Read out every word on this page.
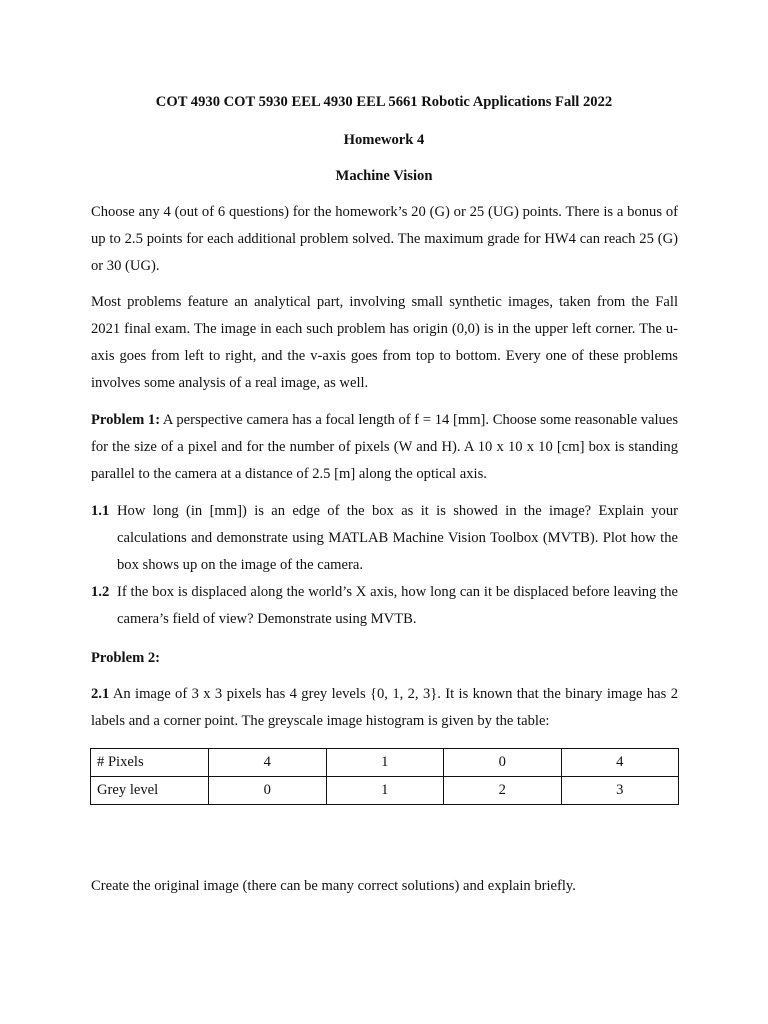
COT 4930 COT 5930 EEL 4930 EEL 5661 Robotic Applications Fall 2022
Homework 4
Machine Vision
Choose any 4 (out of 6 questions) for the homework’s 20 (G) or 25 (UG) points. There is a bonus of up to 2.5 points for each additional problem solved. The maximum grade for HW4 can reach 25 (G) or 30 (UG).
Most problems feature an analytical part, involving small synthetic images, taken from the Fall 2021 final exam. The image in each such problem has origin (0,0) is in the upper left corner. The u-axis goes from left to right, and the v-axis goes from top to bottom. Every one of these problems involves some analysis of a real image, as well.
Problem 1: A perspective camera has a focal length of f = 14 [mm]. Choose some reasonable values for the size of a pixel and for the number of pixels (W and H). A 10 x 10 x 10 [cm] box is standing parallel to the camera at a distance of 2.5 [m] along the optical axis.
1.1 How long (in [mm]) is an edge of the box as it is showed in the image? Explain your calculations and demonstrate using MATLAB Machine Vision Toolbox (MVTB). Plot how the box shows up on the image of the camera.
1.2 If the box is displaced along the world’s X axis, how long can it be displaced before leaving the camera’s field of view? Demonstrate using MVTB.
Problem 2:
2.1 An image of 3 x 3 pixels has 4 grey levels {0, 1, 2, 3}. It is known that the binary image has 2 labels and a corner point. The greyscale image histogram is given by the table:
# Pixels	4	1	0	4
Grey level	0	1	2	3
Create the original image (there can be many correct solutions) and explain briefly.
